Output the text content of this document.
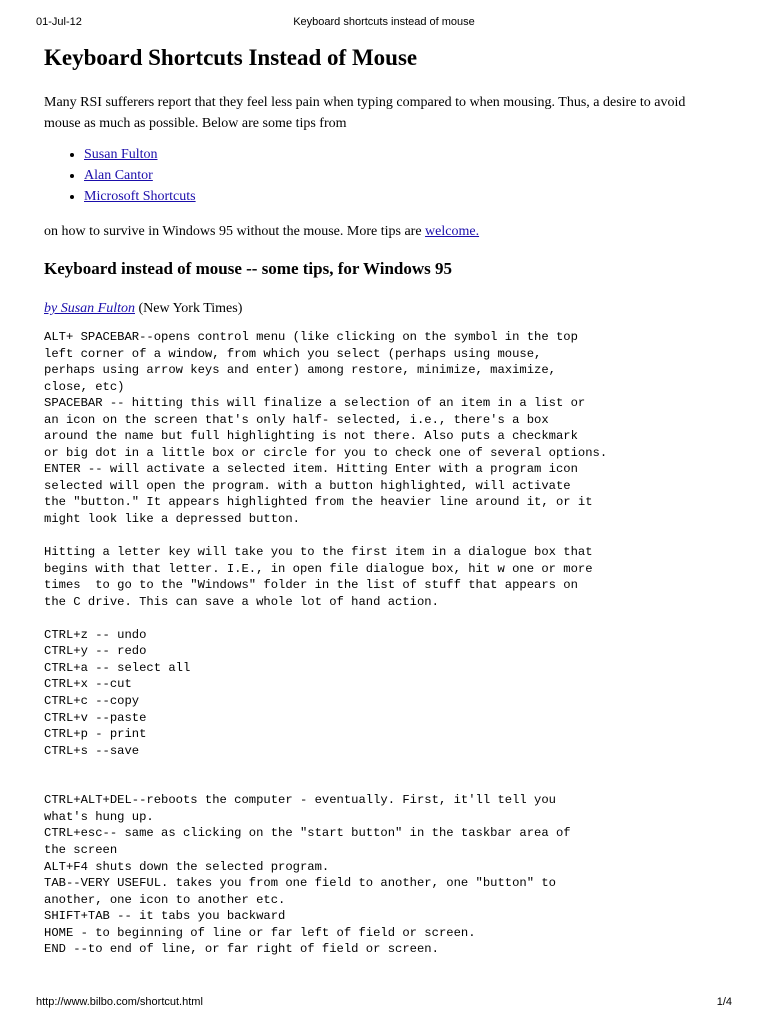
01-Jul-12	Keyboard shortcuts instead of mouse
Keyboard Shortcuts Instead of Mouse

Many RSI sufferers report that they feel less pain when typing compared to when mousing. Thus, a desire to avoid mouse as much as possible. Below are some tips from

• Susan Fulton
• Alan Cantor
• Microsoft Shortcuts

on how to survive in Windows 95 without the mouse. More tips are welcome.

Keyboard instead of mouse -- some tips, for Windows 95

by Susan Fulton (New York Times)

ALT+ SPACEBAR--opens control menu (like clicking on the symbol in the top
left corner of a window, from which you select (perhaps using mouse,
perhaps using arrow keys and enter) among restore, minimize, maximize,
close, etc)
SPACEBAR -- hitting this will finalize a selection of an item in a list or
an icon on the screen that's only half- selected, i.e., there's a box
around the name but full highlighting is not there. Also puts a checkmark
or big dot in a little box or circle for you to check one of several options.
ENTER -- will activate a selected item. Hitting Enter with a program icon
selected will open the program. with a button highlighted, will activate
the "button." It appears highlighted from the heavier line around it, or it
might look like a depressed button.

Hitting a letter key will take you to the first item in a dialogue box that
begins with that letter. I.E., in open file dialogue box, hit w one or more
times  to go to the "Windows" folder in the list of stuff that appears on
the C drive. This can save a whole lot of hand action.

CTRL+z -- undo
CTRL+y -- redo
CTRL+a -- select all
CTRL+x --cut
CTRL+c --copy
CTRL+v --paste
CTRL+p - print
CTRL+s --save

CTRL+ALT+DEL--reboots the computer - eventually. First, it'll tell you
what's hung up.
CTRL+esc-- same as clicking on the "start button" in the taskbar area of
the screen
ALT+F4 shuts down the selected program.
TAB--VERY USEFUL. takes you from one field to another, one "button" to
another, one icon to another etc.
SHIFT+TAB -- it tabs you backward
HOME - to beginning of line or far left of field or screen.
END --to end of line, or far right of field or screen.
http://www.bilbo.com/shortcut.html	1/4
